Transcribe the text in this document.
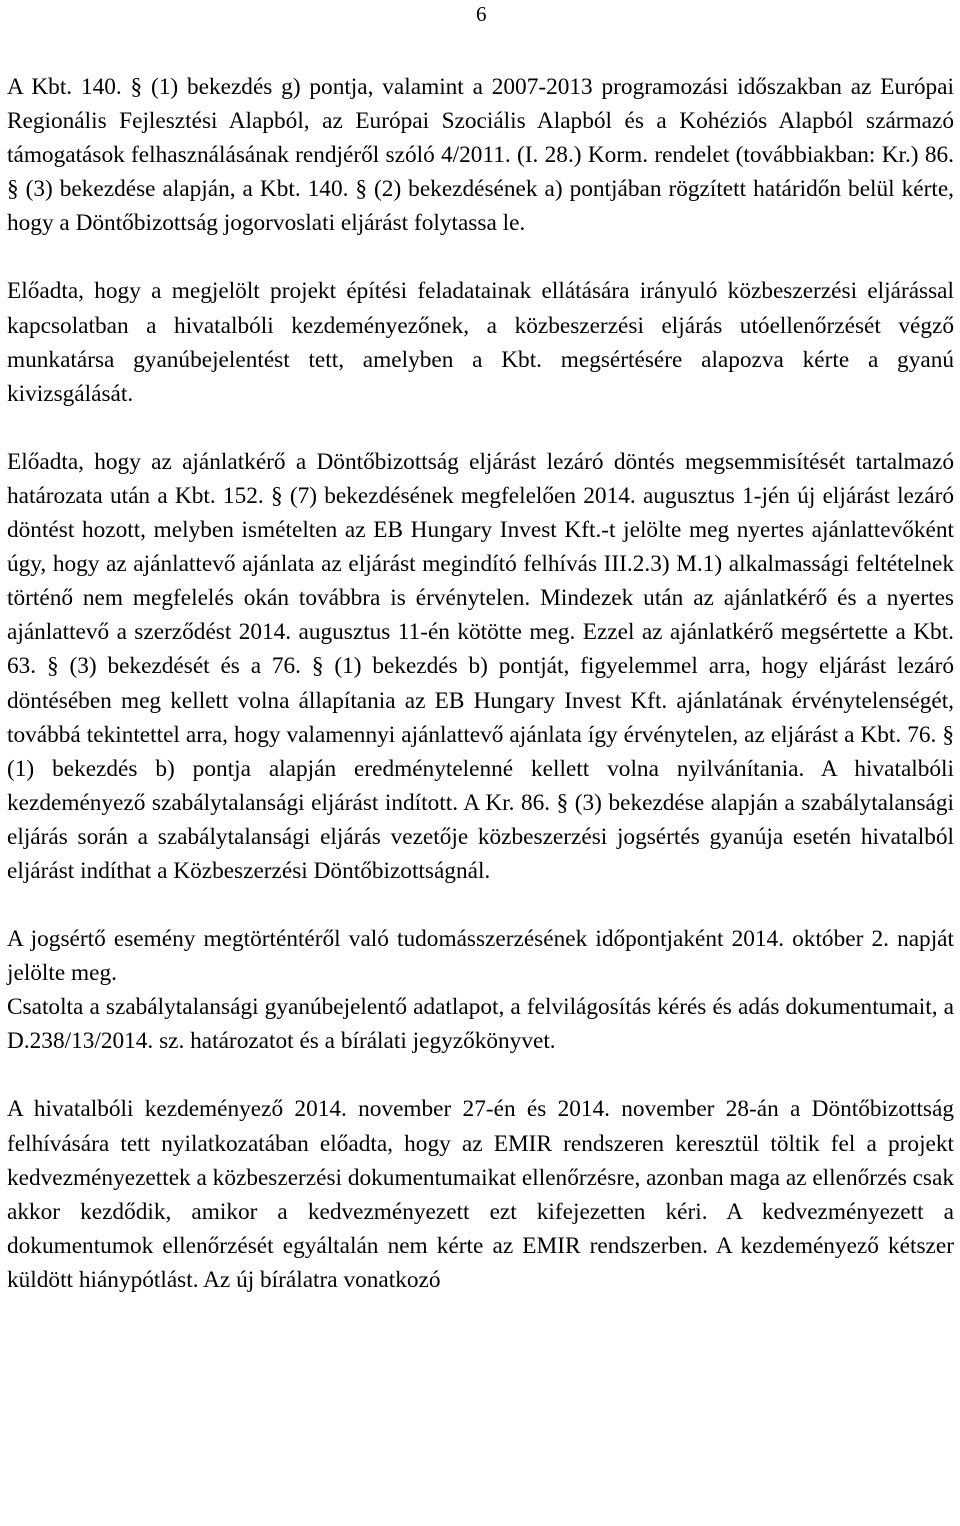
6

A Kbt. 140. § (1) bekezdés g) pontja, valamint a 2007-2013 programozási időszakban az Európai Regionális Fejlesztési Alapból, az Európai Szociális Alapból és a Kohéziós Alapból származó támogatások felhasználásának rendjéről szóló 4/2011. (I. 28.) Korm. rendelet (továbbiakban: Kr.) 86. § (3) bekezdése alapján, a Kbt. 140. § (2) bekezdésének a) pontjában rögzített határidőn belül kérte, hogy a Döntőbizottság jogorvoslati eljárást folytassa le.

Előadta, hogy a megjelölt projekt építési feladatainak ellátására irányuló közbeszerzési eljárással kapcsolatban a hivatalbóli kezdeményezőnek, a közbeszerzési eljárás utóellenőrzését végző munkatársa gyanúbejelentést tett, amelyben a Kbt. megsértésére alapozva kérte a gyanú kivizsgálását.

Előadta, hogy az ajánlatkérő a Döntőbizottság eljárást lezáró döntés megsemmisítését tartalmazó határozata után a Kbt. 152. § (7) bekezdésének megfelelően 2014. augusztus 1-jén új eljárást lezáró döntést hozott, melyben ismételten az EB Hungary Invest Kft.-t jelölte meg nyertes ajánlattevőként úgy, hogy az ajánlattevő ajánlata az eljárást megindító felhívás III.2.3) M.1) alkalmassági feltételnek történő nem megfelelés okán továbbra is érvénytelen. Mindezek után az ajánlatkérő és a nyertes ajánlattevő a szerződést 2014. augusztus 11-én kötötte meg. Ezzel az ajánlatkérő megsértette a Kbt. 63. § (3) bekezdését és a 76. § (1) bekezdés b) pontját, figyelemmel arra, hogy eljárást lezáró döntésében meg kellett volna állapítania az EB Hungary Invest Kft. ajánlatának érvénytelenségét, továbbá tekintettel arra, hogy valamennyi ajánlattevő ajánlata így érvénytelen, az eljárást a Kbt. 76. § (1) bekezdés b) pontja alapján eredménytelenné kellett volna nyilvánítania. A hivatalbóli kezdeményező szabálytalansági eljárást indított. A Kr. 86. § (3) bekezdése alapján a szabálytalansági eljárás során a szabálytalansági eljárás vezetője közbeszerzési jogsértés gyanúja esetén hivatalból eljárást indíthat a Közbeszerzési Döntőbizottságnál.

A jogsértő esemény megtörténtéről való tudomásszerzésének időpontjaként 2014. október 2. napját jelölte meg.

Csatolta a szabálytalansági gyanúbejelentő adatlapot, a felvilágosítás kérés és adás dokumentumait, a D.238/13/2014. sz. határozatot és a bírálati jegyzőkönyvet.

A hivatalbóli kezdeményező 2014. november 27-én és 2014. november 28-án a Döntőbizottság felhívására tett nyilatkozatában előadta, hogy az EMIR rendszeren keresztül töltik fel a projekt kedvezményezettek a közbeszerzési dokumentumaikat ellenőrzésre, azonban maga az ellenőrzés csak akkor kezdődik, amikor a kedvezményezett ezt kifejezetten kéri. A kedvezményezett a dokumentumok ellenőrzését egyáltalán nem kérte az EMIR rendszerben. A kezdeményező kétszer küldött hiánypótlást. Az új bírálatra vonatkozó
